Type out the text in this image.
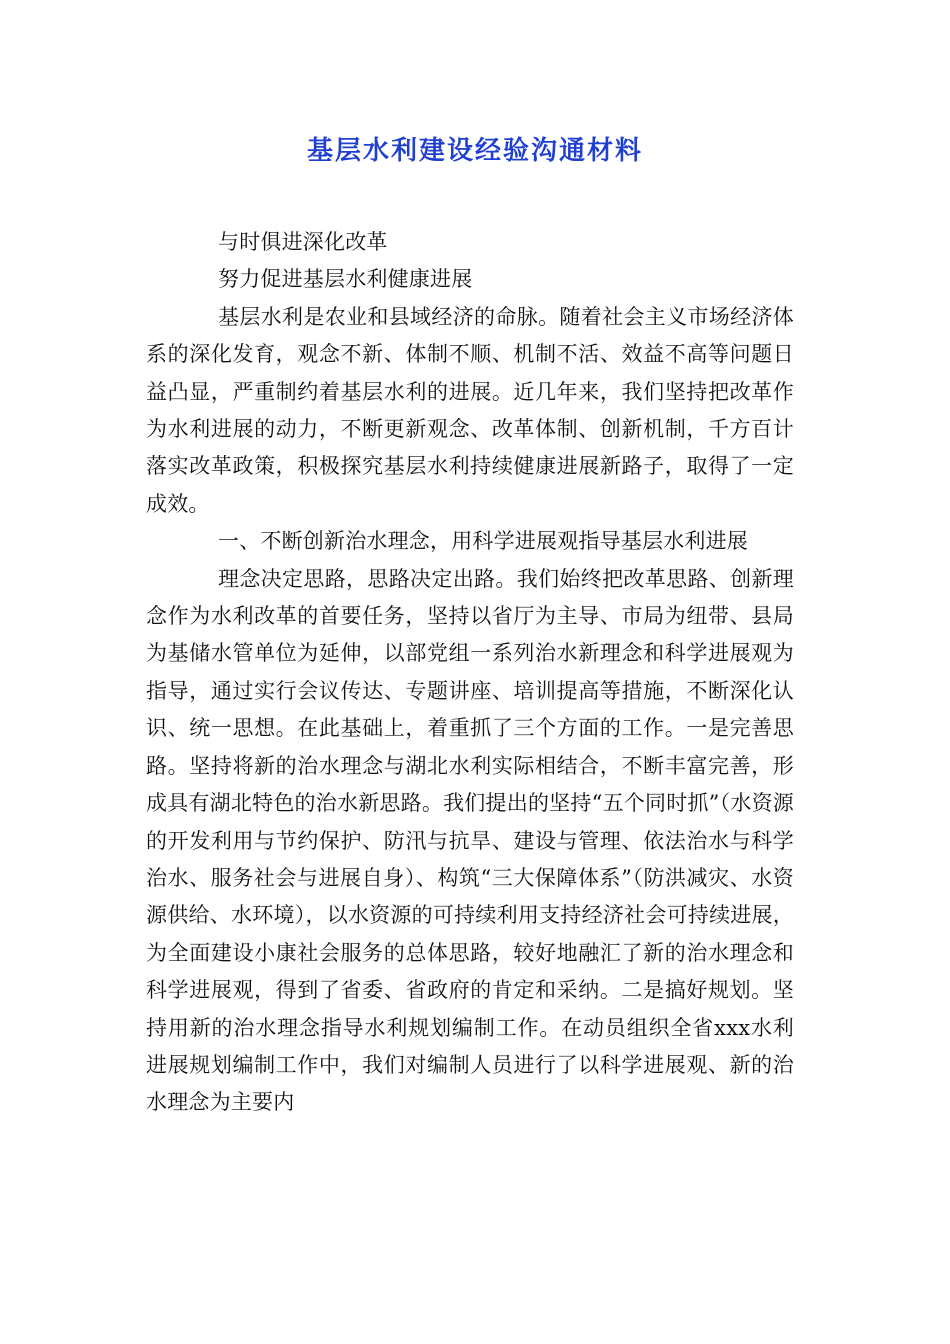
基层水利建设经验沟通材料

与时俱进深化改革

努力促进基层水利健康进展

基层水利是农业和县域经济的命脉。随着社会主义市场经济体系的深化发育，观念不新、体制不顺、机制不活、效益不高等问题日益凸显，严重制约着基层水利的进展。近几年来，我们坚持把改革作为水利进展的动力，不断更新观念、改革体制、创新机制，千方百计落实改革政策，积极探究基层水利持续健康进展新路子，取得了一定成效。

一、不断创新治水理念，用科学进展观指导基层水利进展

理念决定思路，思路决定出路。我们始终把改革思路、创新理念作为水利改革的首要任务，坚持以省厅为主导、市局为纽带、县局为基储水管单位为延伸，以部党组一系列治水新理念和科学进展观为指导，通过实行会议传达、专题讲座、培训提高等措施，不断深化认识、统一思想。在此基础上，着重抓了三个方面的工作。一是完善思路。坚持将新的治水理念与湖北水利实际相结合，不断丰富完善，形成具有湖北特色的治水新思路。我们提出的坚持“五个同时抓”（水资源的开发利用与节约保护、防汛与抗旱、建设与管理、依法治水与科学治水、服务社会与进展自身）、构筑“三大保障体系”（防洪减灾、水资源供给、水环境），以水资源的可持续利用支持经济社会可持续进展，为全面建设小康社会服务的总体思路，较好地融汇了新的治水理念和科学进展观，得到了省委、省政府的肯定和采纳。二是搞好规划。坚持用新的治水理念指导水利规划编制工作。在动员组织全省xxx水利进展规划编制工作中，我们对编制人员进行了以科学进展观、新的治水理念为主要内
